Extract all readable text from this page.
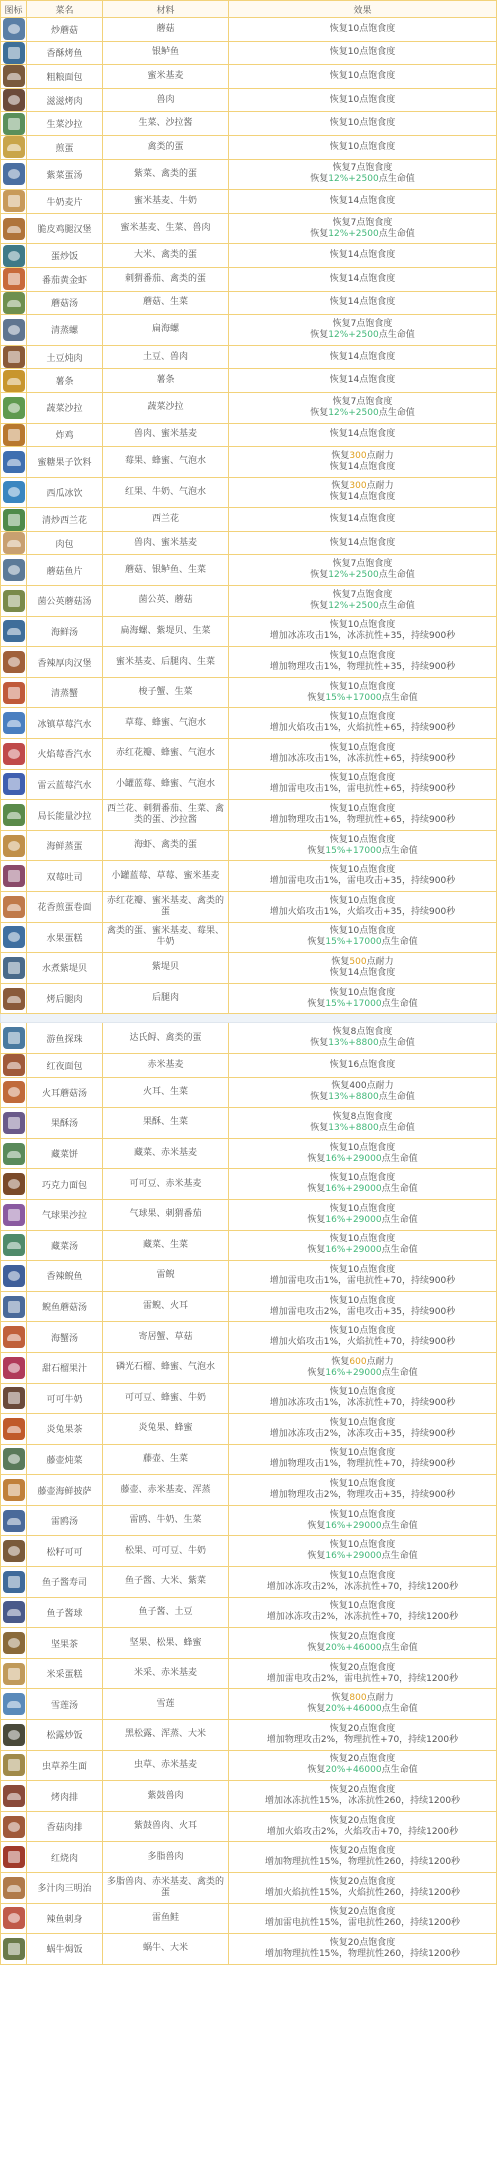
图标	菜名	材料	效果
	炒蘑菇	蘑菇	恢复10点饱食度

	香酥烤鱼	银鲈鱼	恢复10点饱食度

	粗粮面包	蜜米基麦	恢复10点饱食度

	滋滋烤肉	兽肉	恢复10点饱食度

	生菜沙拉	生菜、沙拉酱	恢复10点饱食度

	煎蛋	禽类的蛋	恢复10点饱食度

	紫菜蛋汤	紫菜、禽类的蛋	恢复7点饱食度
恢复12%+2500点生命值

	牛奶麦片	蜜米基麦、牛奶	恢复14点饱食度

	脆皮鸡腿汉堡	蜜米基麦、生菜、兽肉	恢复7点饱食度
恢复12%+2500点生命值

	蛋炒饭	大米、禽类的蛋	恢复14点饱食度

	番茄黄金虾	刺猬番茄、禽类的蛋	恢复14点饱食度

	蘑菇汤	蘑菇、生菜	恢复14点饱食度

	清蒸螺	扁海螺	恢复7点饱食度
恢复12%+2500点生命值

	土豆炖肉	土豆、兽肉	恢复14点饱食度

	薯条	薯条	恢复14点饱食度

	蔬菜沙拉	蔬菜沙拉	恢复7点饱食度
恢复12%+2500点生命值

	炸鸡	兽肉、蜜米基麦	恢复14点饱食度

	蜜糖果子饮料	莓果、蜂蜜、气泡水	恢复300点耐力
恢复14点饱食度

	西瓜冰饮	红果、牛奶、气泡水	恢复300点耐力
恢复14点饱食度

	清炒西兰花	西兰花	恢复14点饱食度

	肉包	兽肉、蜜米基麦	恢复14点饱食度

	蘑菇鱼片	蘑菇、银鲈鱼、生菜	恢复7点饱食度
恢复12%+2500点生命值

	菌公英蘑菇汤	菌公英、蘑菇	恢复7点饱食度
恢复12%+2500点生命值

	海鲜汤	扁海螺、紫堤贝、生菜	恢复10点饱食度
增加冰冻攻击1%，冰冻抗性+35，持续900秒

	香辣厚肉汉堡	蜜米基麦、后腿肉、生菜	恢复10点饱食度
增加物理攻击1%，物理抗性+35，持续900秒

	清蒸蟹	梭子蟹、生菜	恢复10点饱食度
恢复15%+17000点生命值

	冰镇草莓汽水	草莓、蜂蜜、气泡水	恢复10点饱食度
增加火焰攻击1%，火焰抗性+65，持续900秒

	火焰莓香汽水	赤红花瓣、蜂蜜、气泡水	恢复10点饱食度
增加冰冻攻击1%，冰冻抗性+65，持续900秒

	雷云蓝莓汽水	小罐蓝莓、蜂蜜、气泡水	恢复10点饱食度
增加雷电攻击1%，雷电抗性+65，持续900秒

	局长能量沙拉	西兰花、刺猬番茄、生菜、禽类的蛋、沙拉酱	恢复10点饱食度
增加物理攻击1%，物理抗性+65，持续900秒

	海鲜蒸蛋	海虾、禽类的蛋	恢复10点饱食度
恢复15%+17000点生命值

	双莓吐司	小罐蓝莓、草莓、蜜米基麦	恢复10点饱食度
增加雷电攻击1%，雷电攻击+35，持续900秒

	花香煎蛋卷面	赤红花瓣、蜜米基麦、禽类的蛋	恢复10点饱食度
增加火焰攻击1%，火焰攻击+35，持续900秒

	水果蛋糕	禽类的蛋、蜜米基麦、莓果、牛奶	恢复10点饱食度
恢复15%+17000点生命值

	水煮紫堤贝	紫堤贝	恢复500点耐力
恢复14点饱食度

	烤后腿肉	后腿肉	恢复10点饱食度
恢复15%+17000点生命值

	游鱼探珠	达氏鲟、禽类的蛋	恢复8点饱食度
恢复13%+8800点生命值

	红夜面包	赤米基麦	恢复16点饱食度

	火耳蘑菇汤	火耳、生菜	恢复400点耐力
恢复13%+8800点生命值

	果酥汤	果酥、生菜	恢复8点饱食度
恢复13%+8800点生命值

	藏菜饼	藏菜、赤米基麦	恢复10点饱食度
恢复16%+29000点生命值

	巧克力面包	可可豆、赤米基麦	恢复10点饱食度
恢复16%+29000点生命值

	气球果沙拉	气球果、刺猬番茄	恢复10点饱食度
恢复16%+29000点生命值

	藏菜汤	藏菜、生菜	恢复10点饱食度
恢复16%+29000点生命值

	香辣鲵鱼	雷鲵	恢复10点饱食度
增加雷电攻击1%，雷电抗性+70，持续900秒

	鲵鱼蘑菇汤	雷鲵、火耳	恢复10点饱食度
增加雷电攻击2%，雷电攻击+35，持续900秒

	海蟹汤	寄居蟹、草菇	恢复10点饱食度
增加火焰攻击1%，火焰抗性+70，持续900秒

	甜石榴果汁	磷光石榴、蜂蜜、气泡水	恢复600点耐力
恢复16%+29000点生命值

	可可牛奶	可可豆、蜂蜜、牛奶	恢复10点饱食度
增加冰冻攻击1%，冰冻抗性+70，持续900秒

	炎兔果茶	炎兔果、蜂蜜	恢复10点饱食度
增加冰冻攻击2%，冰冻攻击+35，持续900秒

	藤壶炖菜	藤壶、生菜	恢复10点饱食度
增加物理攻击1%，物理抗性+70，持续900秒

	藤壶海鲜披萨	藤壶、赤米基麦、浑蒸	恢复10点饱食度
增加物理攻击2%，物理攻击+35，持续900秒

	雷鸥汤	雷鸥、牛奶、生菜	恢复10点饱食度
恢复16%+29000点生命值

	松籽可可	松果、可可豆、牛奶	恢复10点饱食度
恢复16%+29000点生命值

	鱼子酱寿司	鱼子酱、大米、紫菜	恢复10点饱食度
增加冰冻攻击2%，冰冻抗性+70，持续1200秒

	鱼子酱球	鱼子酱、土豆	恢复10点饱食度
增加冰冻攻击2%，冰冻抗性+70，持续1200秒

	坚果茶	坚果、松果、蜂蜜	恢复20点饱食度
恢复20%+46000点生命值

	米采蛋糕	米采、赤米基麦	恢复20点饱食度
增加雷电攻击2%，雷电抗性+70，持续1200秒

	雪莲汤	雪莲	恢复800点耐力
恢复20%+46000点生命值

	松露炒饭	黑松露、浑蒸、大米	恢复20点饱食度
增加物理攻击2%，物理抗性+70，持续1200秒

	虫草养生面	虫草、赤米基麦	恢复20点饱食度
恢复20%+46000点生命值

	烤肉排	紫鼓兽肉	恢复20点饱食度
增加冰冻抗性15%，冰冻抗性260，持续1200秒

	香菇肉排	紫鼓兽肉、火耳	恢复20点饱食度
增加火焰攻击2%，火焰攻击+70，持续1200秒

	红烧肉	多脂兽肉	恢复20点饱食度
增加物理抗性15%，物理抗性260，持续1200秒

	多汁肉三明治	多脂兽肉、赤米基麦、禽类的蛋	恢复20点饱食度
增加火焰抗性15%，火焰抗性260，持续1200秒

	辣鱼刺身	雷鱼鲑	恢复20点饱食度
增加雷电抗性15%，雷电抗性260，持续1200秒

	蜗牛焗饭	蜗牛、大米	恢复20点饱食度
增加物理抗性15%，物理抗性260，持续1200秒
